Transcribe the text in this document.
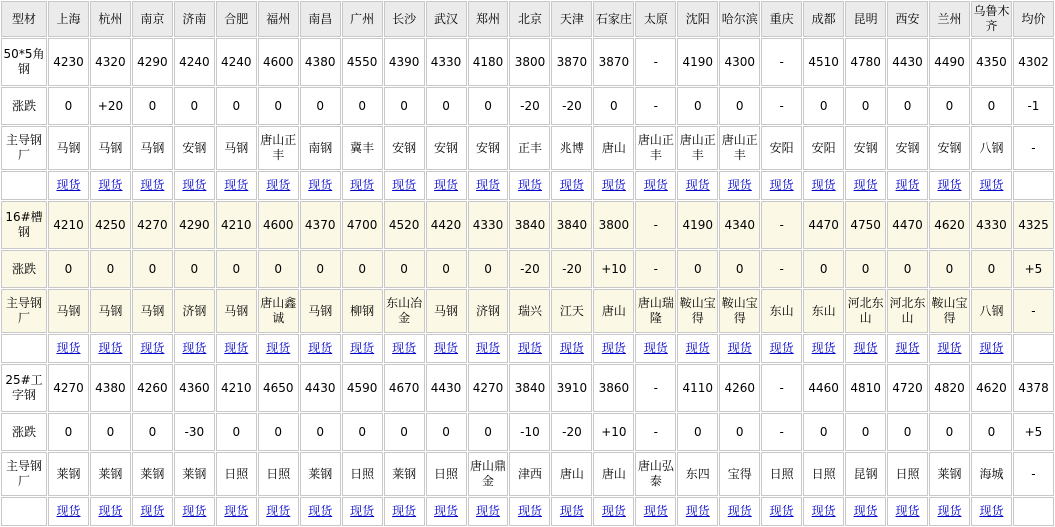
型材	上海	杭州	南京	济南	合肥	福州	南昌	广州	长沙	武汉	郑州	北京	天津	石家庄	太原	沈阳	哈尔滨	重庆	成都	昆明	西安	兰州	乌鲁木齐	均价
50*5角钢	4230	4320	4290	4240	4240	4600	4380	4550	4390	4330	4180	3800	3870	3870	-	4190	4300	-	4510	4780	4430	4490	4350	4302
涨跌	0	+20	0	0	0	0	0	0	0	0	0	-20	-20	0	-	0	0	-	0	0	0	0	0	-1
主导钢厂	马钢	马钢	马钢	安钢	马钢	唐山正丰	南钢	冀丰	安钢	安钢	安钢	正丰	兆博	唐山	唐山正丰	唐山正丰	唐山正丰	安阳	安阳	安钢	安钢	安钢	八钢	-
	现货	现货	现货	现货	现货	现货	现货	现货	现货	现货	现货	现货	现货	现货	现货	现货	现货	现货	现货	现货	现货	现货	现货	
16#槽钢	4210	4250	4270	4290	4210	4600	4370	4700	4520	4420	4330	3840	3840	3800	-	4190	4340	-	4470	4750	4470	4620	4330	4325
涨跌	0	0	0	0	0	0	0	0	0	0	0	-20	-20	+10	-	0	0	-	0	0	0	0	0	+5
主导钢厂	马钢	马钢	马钢	济钢	马钢	唐山鑫诚	马钢	柳钢	东山冶金	马钢	济钢	瑞兴	江天	唐山	唐山瑞隆	鞍山宝得	鞍山宝得	东山	东山	河北东山	河北东山	鞍山宝得	八钢	-
	现货	现货	现货	现货	现货	现货	现货	现货	现货	现货	现货	现货	现货	现货	现货	现货	现货	现货	现货	现货	现货	现货	现货	
25#工字钢	4270	4380	4260	4360	4210	4650	4430	4590	4670	4430	4270	3840	3910	3860	-	4110	4260	-	4460	4810	4720	4820	4620	4378
涨跌	0	0	0	-30	0	0	0	0	0	0	0	-10	-20	+10	-	0	0	-	0	0	0	0	0	+5
主导钢厂	莱钢	莱钢	莱钢	莱钢	日照	日照	莱钢	日照	莱钢	日照	唐山鼎金	津西	唐山	唐山	唐山弘泰	东四	宝得	日照	日照	昆钢	日照	莱钢	海城	-
	现货	现货	现货	现货	现货	现货	现货	现货	现货	现货	现货	现货	现货	现货	现货	现货	现货	现货	现货	现货	现货	现货	现货	
